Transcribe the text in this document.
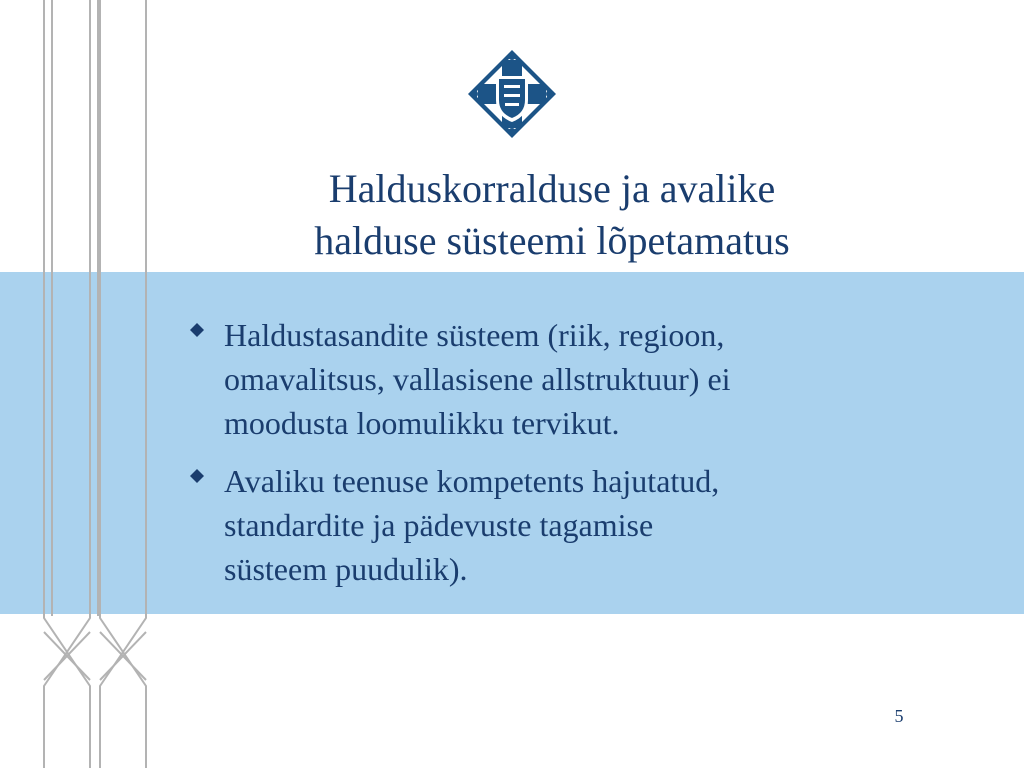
Halduskorralduse ja avalike
halduse süsteemi lõpetamatus
Haldustasandite süsteem (riik, regioon,
omavalitsus, vallasisene allstruktuur) ei
moodusta loomulikku tervikut.
Avaliku teenuse kompetents hajutatud,
standardite ja pädevuste tagamise
süsteem puudulik).
5
